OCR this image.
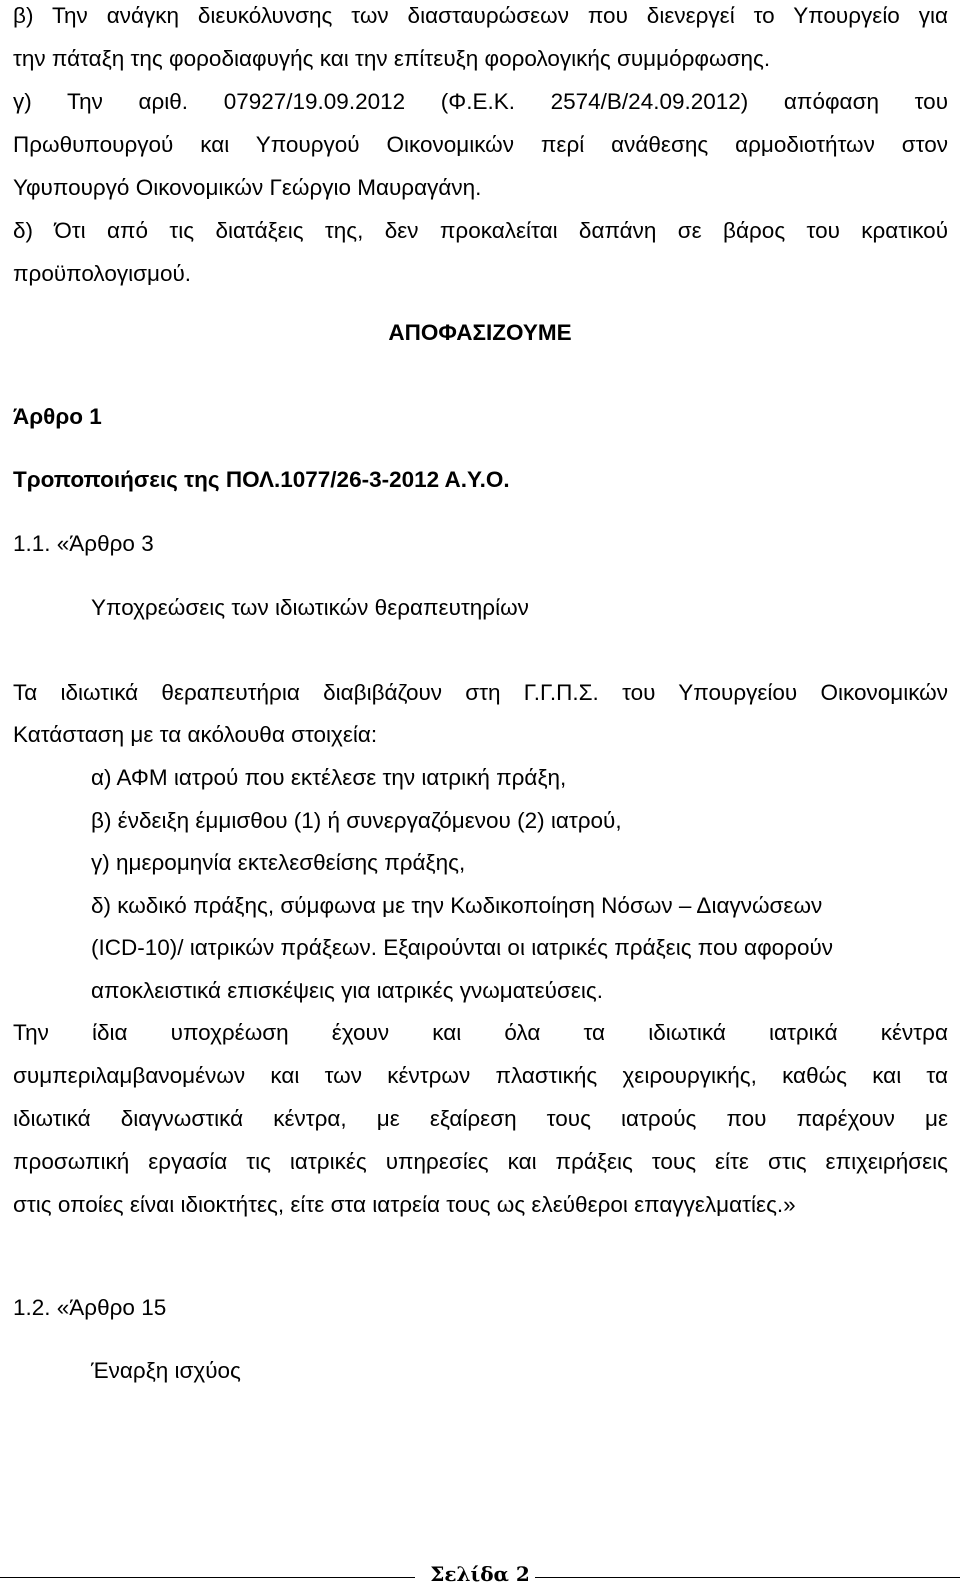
β) Την ανάγκη διευκόλυνσης των διασταυρώσεων που διενεργεί το Υπουργείο για
την πάταξη της φοροδιαφυγής και την επίτευξη φορολογικής συμμόρφωσης.
γ) Την αριθ. 07927/19.09.2012 (Φ.Ε.Κ. 2574/Β/24.09.2012) απόφαση του
Πρωθυπουργού και Υπουργού Οικονομικών περί ανάθεσης αρμοδιοτήτων στον
Υφυπουργό Οικονομικών Γεώργιο Μαυραγάνη.
δ) Ότι από τις διατάξεις της, δεν προκαλείται δαπάνη σε βάρος του κρατικού
προϋπολογισμού.
ΑΠΟΦΑΣΙΖΟΥΜΕ
Άρθρο 1
Τροποποιήσεις της ΠΟΛ.1077/26-3-2012 Α.Υ.Ο.
1.1. «Άρθρο 3
Υποχρεώσεις των ιδιωτικών θεραπευτηρίων
Τα ιδιωτικά θεραπευτήρια διαβιβάζουν στη Γ.Γ.Π.Σ. του Υπουργείου Οικονομικών
Κατάσταση με τα ακόλουθα στοιχεία:
α) ΑΦΜ ιατρού που εκτέλεσε την ιατρική πράξη,
β) ένδειξη έμμισθου (1) ή συνεργαζόμενου (2) ιατρού,
γ) ημερομηνία εκτελεσθείσης πράξης,
δ) κωδικό πράξης, σύμφωνα με την Κωδικοποίηση Νόσων – Διαγνώσεων
(ICD-10)/ ιατρικών πράξεων. Εξαιρούνται οι ιατρικές πράξεις που αφορούν
αποκλειστικά επισκέψεις για ιατρικές γνωματεύσεις.
Την ίδια υποχρέωση έχουν και όλα τα ιδιωτικά ιατρικά κέντρα
συμπεριλαμβανομένων και των κέντρων πλαστικής χειρουργικής, καθώς και τα
ιδιωτικά διαγνωστικά κέντρα, με εξαίρεση τους ιατρούς που παρέχουν με
προσωπική εργασία τις ιατρικές υπηρεσίες και πράξεις τους είτε στις επιχειρήσεις
στις οποίες είναι ιδιοκτήτες, είτε στα ιατρεία τους ως ελεύθεροι επαγγελματίες.»
1.2. «Άρθρο 15
Έναρξη ισχύος
Σελίδα 2
